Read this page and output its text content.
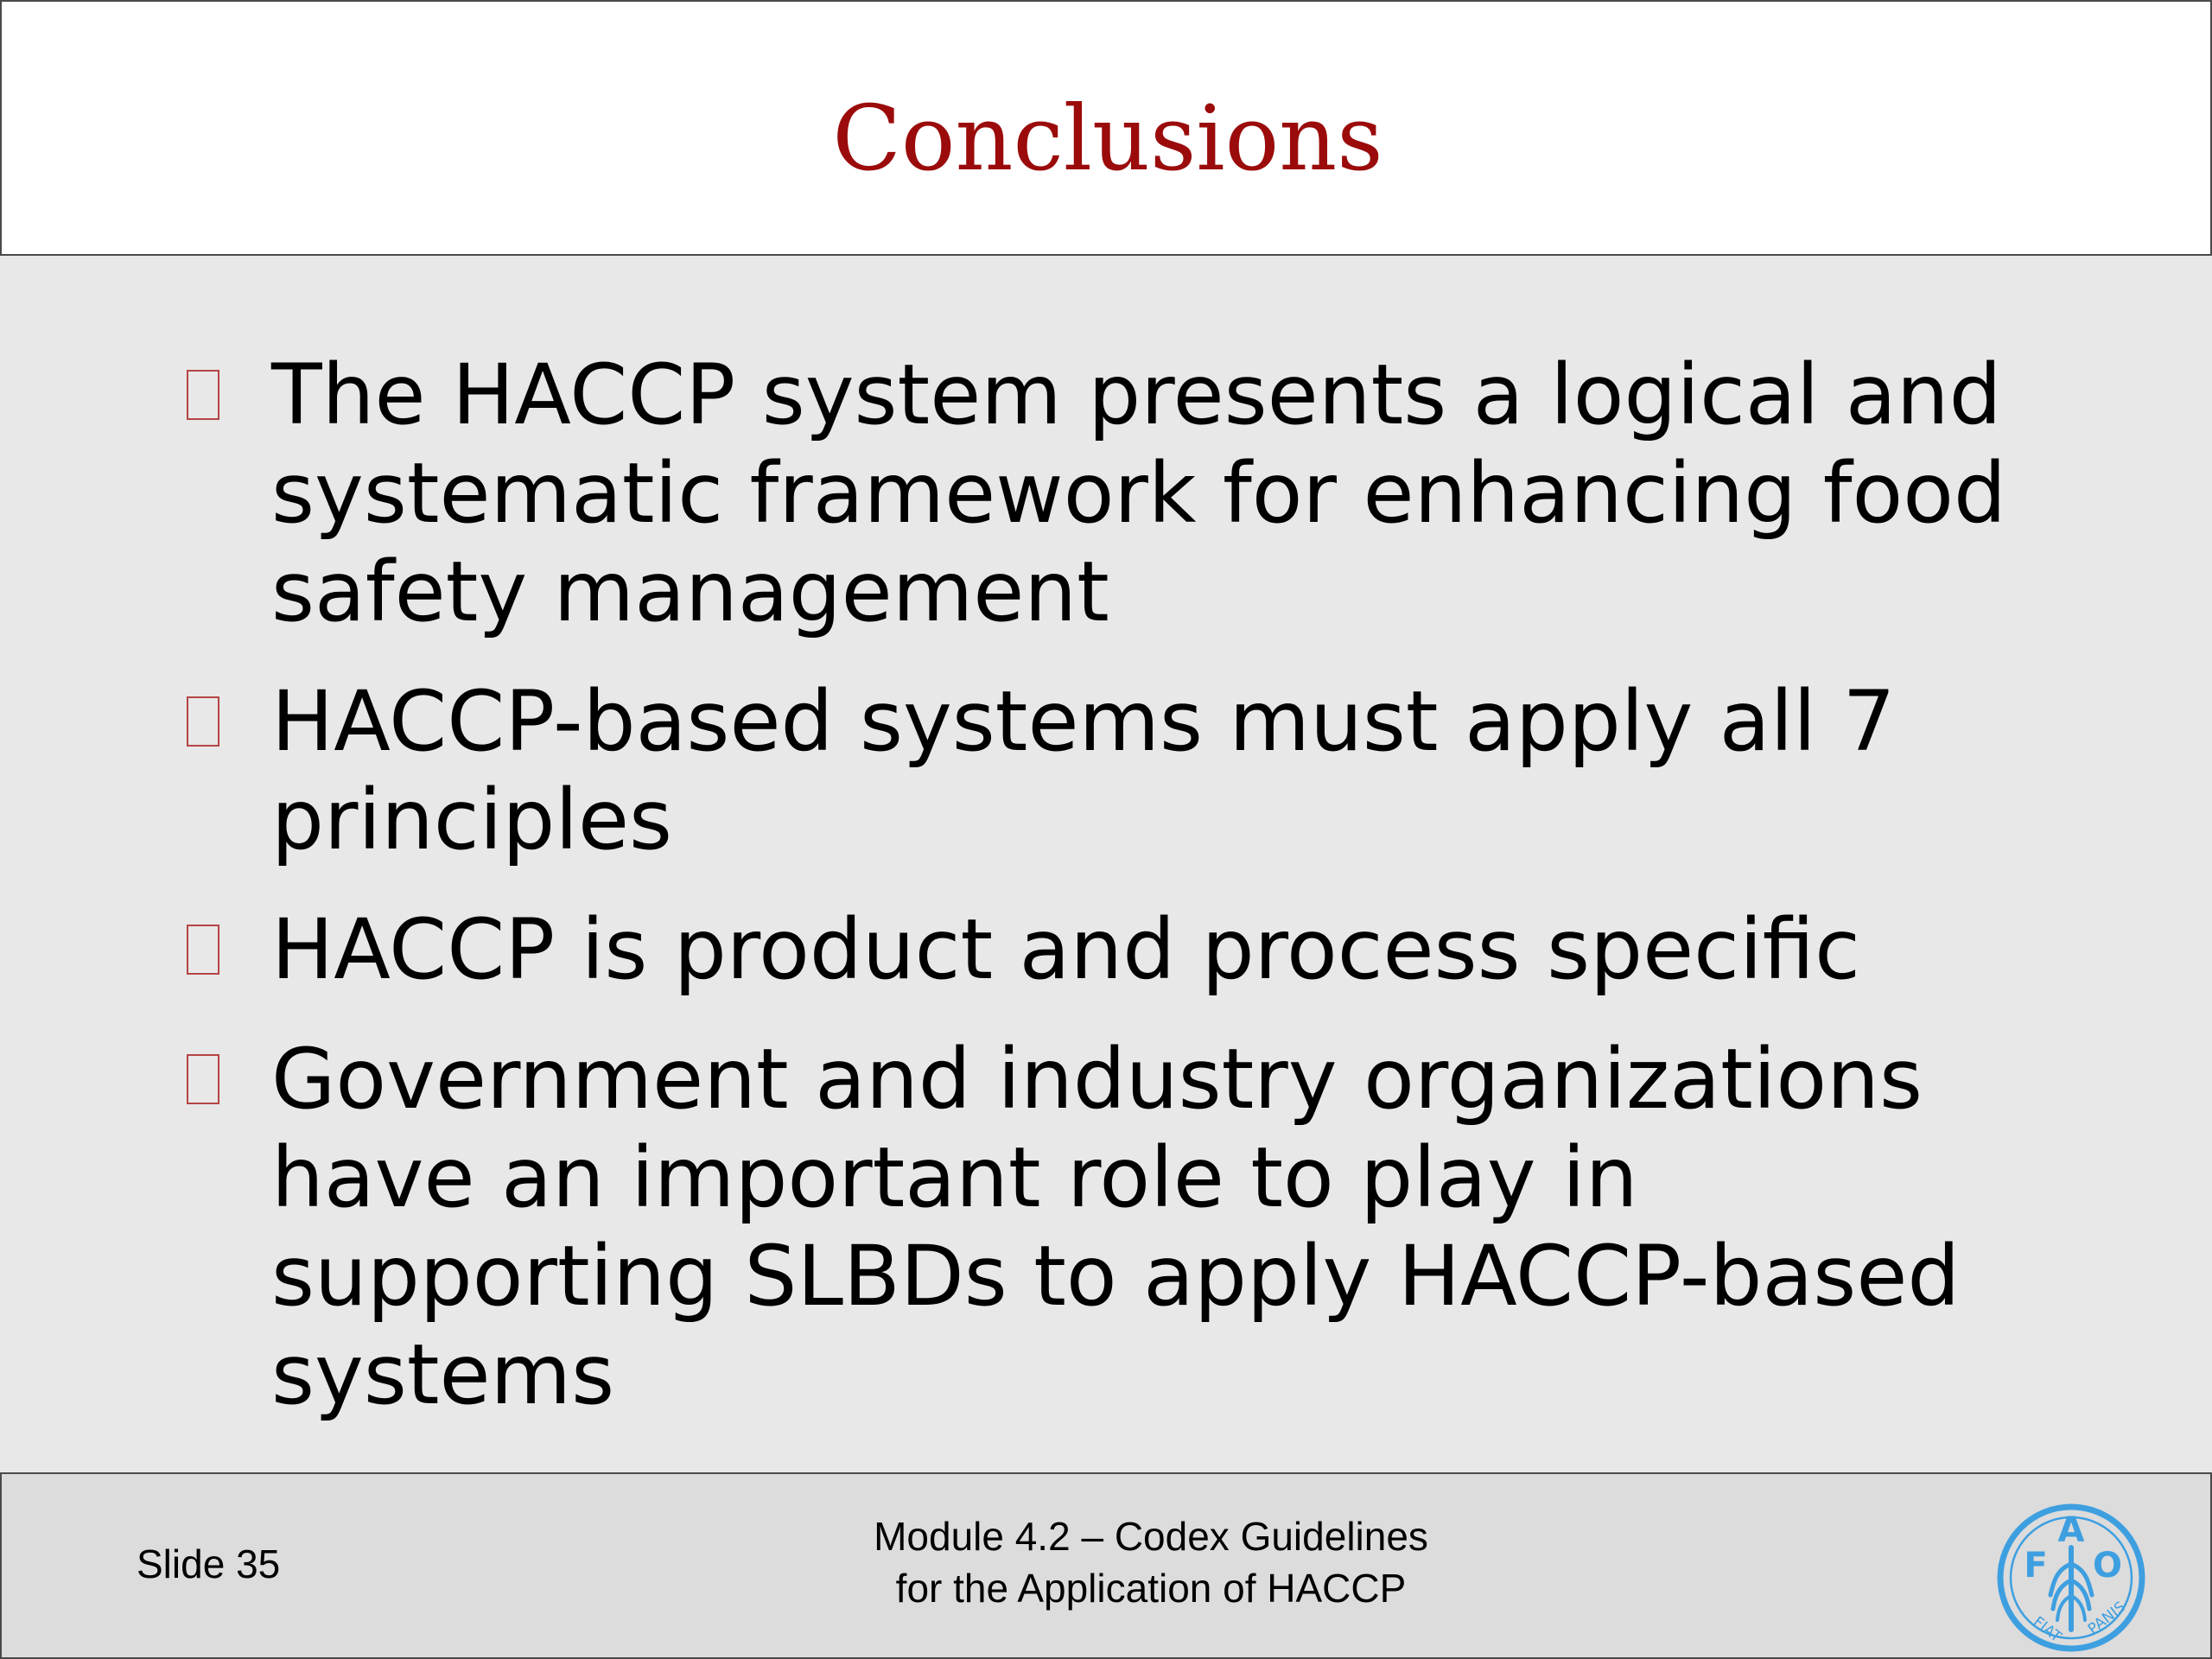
Conclusions
The HACCP system presents a logical and systematic framework for enhancing food safety management
HACCP-based systems must apply all 7 principles
HACCP is product and process specific
Government and industry organizations have an important role to play in supporting SLBDs to apply HACCP-based systems
Slide 35
Module 4.2 – Codex Guidelines
for the Application of HACCP	F
A
O
FIAT PANIS
